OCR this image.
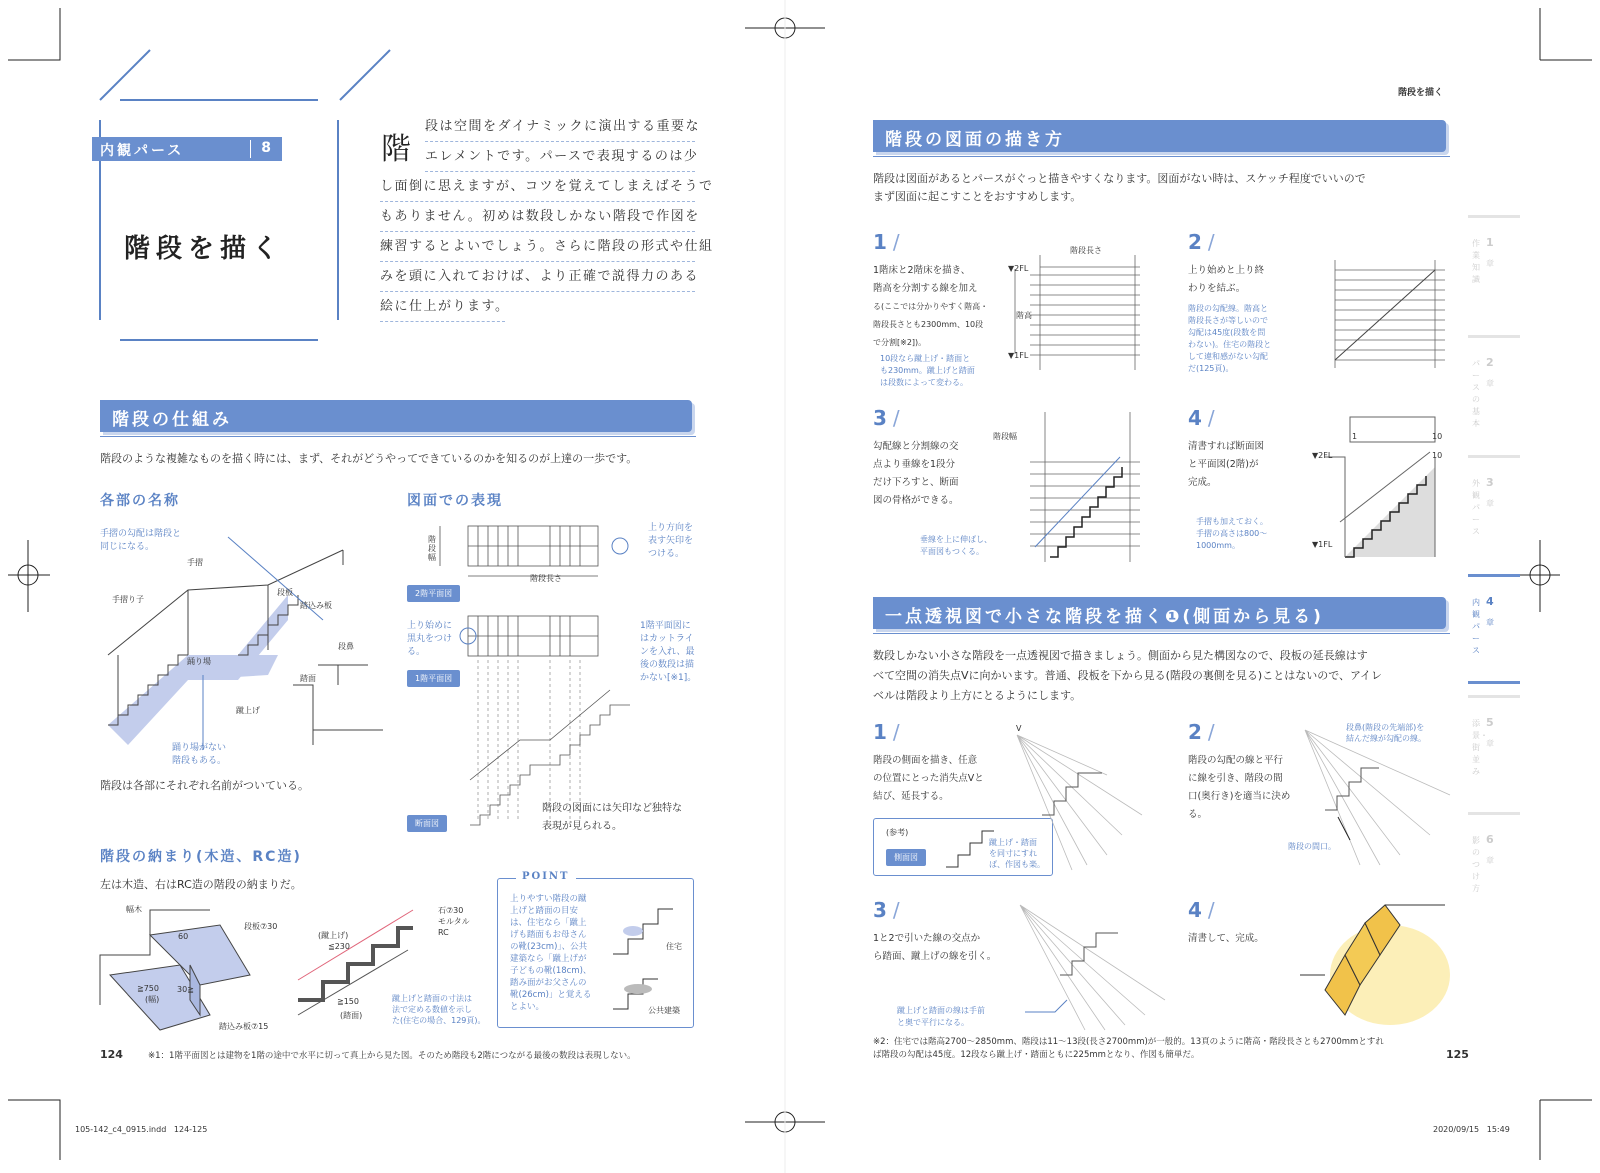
内観パース	8
階段を描く
階
段は空間をダイナミックに演出する重要な
エレメントです。パースで表現するのは少
し面倒に思えますが、コツを覚えてしまえばそうで
もありません。初めは数段しかない階段で作図を
練習するとよいでしょう。さらに階段の形式や仕組
みを頭に入れておけば、より正確で説得力のある
絵に仕上がります。
階段の仕組み
階段のような複雑なものを描く時には、まず、それがどうやってできているのかを知るのが上達の一歩です。
各部の名称	図面での表現
手摺の勾配は階段と
同じになる。
手摺
手摺り子
段板
踏込み板
踊り場
段鼻
踏面
蹴上げ
踊り場がない
階段もある。
階段は各部にそれぞれ名前がついている。
階段幅
階段長さ
上り方向を
表す矢印を
つける。
2階平面図
上り始めに
黒丸をつけ
る。
1階平面図に
はカットライ
ンを入れ、最
後の数段は描
かない[※1]。
1階平面図
断面図
階段の図面には矢印など独特な
表現が見られる。
階段の納まり(木造、RC造)
左は木造、右はRC造の階段の納まりだ。
幅木
段板⑦30
60
≧750
(幅)
30≧
踏込み板⑦15
石⑦30
モルタル
RC
(蹴上げ)
≦230
≧150
(踏面)
蹴上げと踏面の寸法は
法で定める数値を示し
た(住宅の場合、129頁)。
POINT
上りやすい階段の蹴
上げと踏面の目安
は、住宅なら「蹴上
げも踏面もお母さん
の靴(23cm)」、公共
建築なら「蹴上げが
子どもの靴(18cm)、
踏み面がお父さんの
靴(26cm)」と覚える
とよい。
住宅
公共建築
124	※1：1階平面図とは建物を1階の途中で水平に切って真上から見た図。そのため階段も2階につながる最後の数段は表現しない。
105-142_c4_0915.indd   124-125
階段を描く
階段の図面の描き方
階段は図面があるとパースがぐっと描きやすくなります。図面がない時は、スケッチ程度でいいので
まず図面に起こすことをおすすめします。
1 /
1階床と2階床を描き、
階高を分割する線を加え
る(ここでは分かりやすく階高・
階段長さとも2300mm、10段
で分割[※2])。
10段なら蹴上げ・踏面と
も230mm。蹴上げと踏面
は段数によって変わる。
階段長さ
▼2FL
階高
▼1FL
2 /
上り始めと上り終
わりを結ぶ。
階段の勾配線。階高と
階段長さが等しいので
勾配は45度(段数を問
わない)。住宅の階段と
して違和感がない勾配
だ(125頁)。
3 /
勾配線と分割線の交
点より垂線を1段分
だけ下ろすと、断面
図の骨格ができる。
垂線を上に伸ばし、
平面図もつくる。
階段幅
4 /
清書すれば断面図
と平面図(2階)が
完成。
手摺も加えておく。
手摺の高さは800～
1000mm。
▼2FL
▼1FL
1	10
10
一点透視図で小さな階段を描く❶(側面から見る)
数段しかない小さな階段を一点透視図で描きましょう。側面から見た構図なので、段板の延長線はす
べて空間の消失点Vに向かいます。普通、段板を下から見る(階段の裏側を見る)ことはないので、アイレ
ベルは階段より上方にとるようにします。
1 /
階段の側面を描き、任意
の位置にとった消失点Vと
結び、延長する。
(参考)
側面図
蹴上げ・踏面
を同寸にすれ
ば、作図も楽。
V	2 /
階段の勾配の線と平行
に線を引き、階段の間
口(奥行き)を適当に決め
る。
段鼻(階段の先端部)を
結んだ線が勾配の線。
階段の間口。
3 /
1と2で引いた線の交点か
ら踏面、蹴上げの線を引く。
蹴上げと踏面の線は手前
と奥で平行になる。
4 /
清書して、完成。
※2：住宅では階高2700～2850mm、階段は11～13段(長さ2700mm)が一般的。13頁のように階高・階段長さとも2700mmとすれ
ば階段の勾配は45度。12段なら蹴上げ・踏面ともに225mmとなり、作図も簡単だ。	125
2020/09/15   15:49
作業知識
1
章
パースの基本
2
章
外観パース
3
章
内観パース
4
章
添景・街並み
5
章
影のつけ方
6
章
